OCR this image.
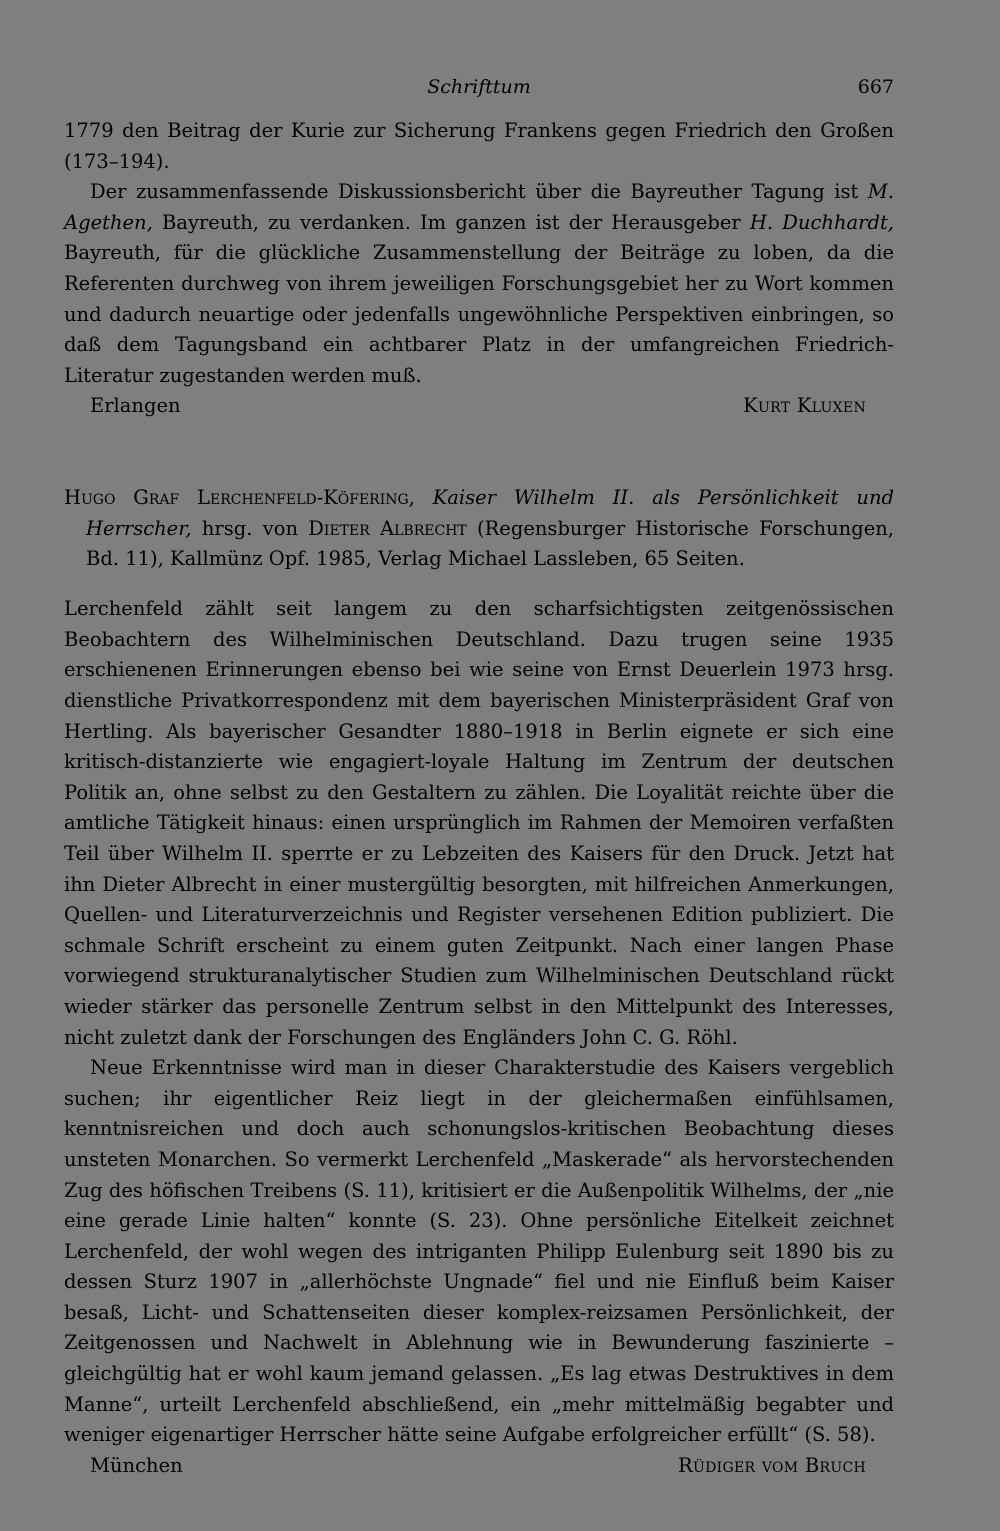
Schrifttum	667

1779 den Beitrag der Kurie zur Sicherung Frankens gegen Friedrich den Großen (173–194).

Der zusammenfassende Diskussionsbericht über die Bayreuther Tagung ist M. Agethen, Bayreuth, zu verdanken. Im ganzen ist der Herausgeber H. Duchhardt, Bayreuth, für die glückliche Zusammenstellung der Beiträge zu loben, da die Referenten durchweg von ihrem jeweiligen Forschungsgebiet her zu Wort kommen und dadurch neuartige oder jedenfalls ungewöhnliche Perspektiven einbringen, so daß dem Tagungsband ein achtbarer Platz in der umfangreichen Friedrich-Literatur zugestanden werden muß.

Erlangen	Kurt Kluxen

Hugo Graf Lerchenfeld-Köfering, Kaiser Wilhelm II. als Persönlichkeit und Herrscher, hrsg. von Dieter Albrecht (Regensburger Historische Forschungen, Bd. 11), Kallmünz Opf. 1985, Verlag Michael Lassleben, 65 Seiten.

Lerchenfeld zählt seit langem zu den scharfsichtigsten zeitgenössischen Beobachtern des Wilhelminischen Deutschland. Dazu trugen seine 1935 erschienenen Erinnerungen ebenso bei wie seine von Ernst Deuerlein 1973 hrsg. dienstliche Privatkorrespondenz mit dem bayerischen Ministerpräsident Graf von Hertling. Als bayerischer Gesandter 1880–1918 in Berlin eignete er sich eine kritisch-distanzierte wie engagiert-loyale Haltung im Zentrum der deutschen Politik an, ohne selbst zu den Gestaltern zu zählen. Die Loyalität reichte über die amtliche Tätigkeit hinaus: einen ursprünglich im Rahmen der Memoiren verfaßten Teil über Wilhelm II. sperrte er zu Lebzeiten des Kaisers für den Druck. Jetzt hat ihn Dieter Albrecht in einer mustergültig besorgten, mit hilfreichen Anmerkungen, Quellen- und Literaturverzeichnis und Register versehenen Edition publiziert. Die schmale Schrift erscheint zu einem guten Zeitpunkt. Nach einer langen Phase vorwiegend strukturanalytischer Studien zum Wilhelminischen Deutschland rückt wieder stärker das personelle Zentrum selbst in den Mittelpunkt des Interesses, nicht zuletzt dank der Forschungen des Engländers John C. G. Röhl.

Neue Erkenntnisse wird man in dieser Charakterstudie des Kaisers vergeblich suchen; ihr eigentlicher Reiz liegt in der gleichermaßen einfühlsamen, kenntnisreichen und doch auch schonungslos-kritischen Beobachtung dieses unsteten Monarchen. So vermerkt Lerchenfeld „Maskerade“ als hervorstechenden Zug des höfischen Treibens (S. 11), kritisiert er die Außenpolitik Wilhelms, der „nie eine gerade Linie halten“ konnte (S. 23). Ohne persönliche Eitelkeit zeichnet Lerchenfeld, der wohl wegen des intriganten Philipp Eulenburg seit 1890 bis zu dessen Sturz 1907 in „allerhöchste Ungnade“ fiel und nie Einfluß beim Kaiser besaß, Licht- und Schattenseiten dieser komplex-reizsamen Persönlichkeit, der Zeitgenossen und Nachwelt in Ablehnung wie in Bewunderung faszinierte – gleichgültig hat er wohl kaum jemand gelassen. „Es lag etwas Destruktives in dem Manne“, urteilt Lerchenfeld abschließend, ein „mehr mittelmäßig begabter und weniger eigenartiger Herrscher hätte seine Aufgabe erfolgreicher erfüllt“ (S. 58).

München	Rüdiger vom Bruch
